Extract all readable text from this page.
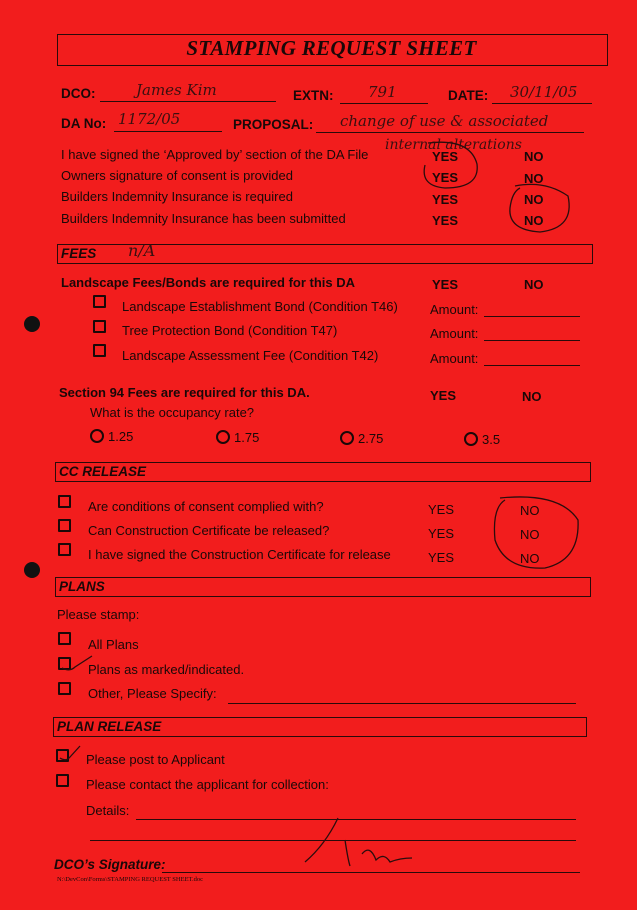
STAMPING REQUEST SHEET
DCO:	James Kim	EXTN: 791	DATE: 30/11/05
DA No: 1172/05	PROPOSAL: change of use & associated
internal alterations
I have signed the ‘Approved by’ section of the DA File	YES	NO
Owners signature of consent is provided	YES	NO
Builders Indemnity Insurance is required	YES	NO
Builders Indemnity Insurance has been submitted	YES	NO
FEES n/A
Landscape Fees/Bonds are required for this DA	YES	NO
Landscape Establishment Bond (Condition T46) Amount:
Tree Protection Bond (Condition T47)	Amount:
Landscape Assessment Fee (Condition T42)	Amount:
Section 94 Fees are required for this DA.	YES	NO
What is the occupancy rate?
1.25	1.75	2.75	3.5
CC RELEASE
Are conditions of consent complied with?	YES	NO
Can Construction Certificate be released?	YES	NO
I have signed the Construction Certificate for release	YES	NO
PLANS
Please stamp:
All Plans
Plans as marked/indicated.
Other, Please Specify:
PLAN RELEASE
Please post to Applicant
Please contact the applicant for collection:
Details:
DCO’s Signature:
N:\DevCon\Forms\STAMPING REQUEST SHEET.doc
